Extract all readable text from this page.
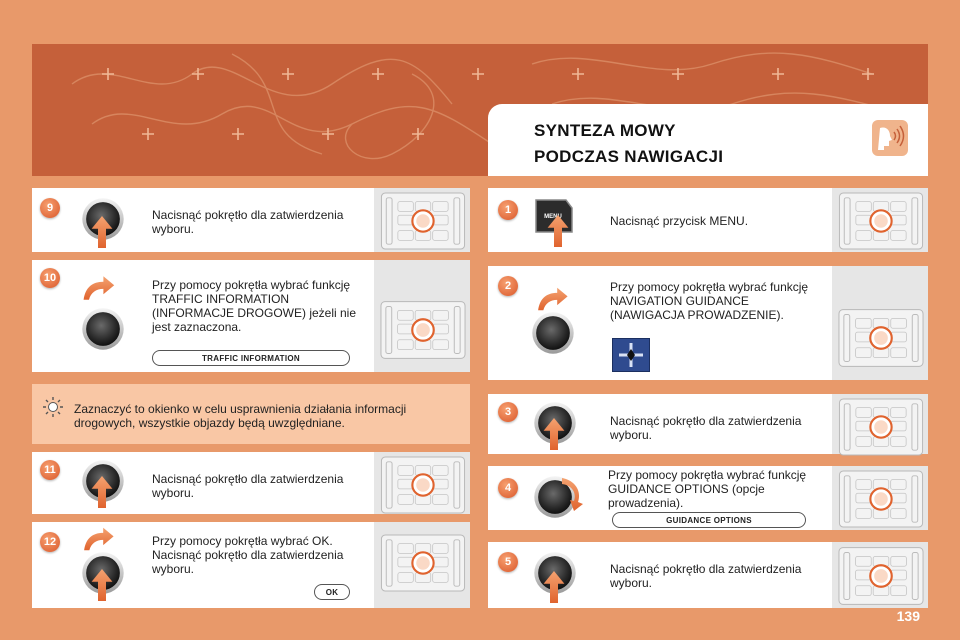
SYNTEZA MOWY
PODCZAS NAWIGACJI
9	Nacisnąć pokrętło dla zatwierdzenia wyboru.
10	Przy pomocy pokrętła wybrać funkcję TRAFFIC INFORMATION (INFORMACJE DROGOWE) jeżeli nie jest zaznaczona.
TRAFFIC INFORMATION
Zaznaczyć to okienko w celu usprawnienia działania informacji drogowych, wszystkie objazdy będą uwzględniane.
11
Nacisnąć pokrętło dla zatwierdzenia wyboru.
12	Przy pomocy pokrętła wybrać OK. Nacisnąć pokrętło dla zatwierdzenia wyboru.
OK
1
MENU	Nacisnąć przycisk MENU.
2	Przy pomocy pokrętła wybrać funkcję NAVIGATION GUIDANCE (NAWIGACJA PROWADZENIE).
3
Nacisnąć pokrętło dla zatwierdzenia wyboru.
4
Przy pomocy pokrętła wybrać funkcję GUIDANCE OPTIONS (opcje prowadzenia).
GUIDANCE OPTIONS
5	Nacisnąć pokrętło dla zatwierdzenia wyboru.
139
